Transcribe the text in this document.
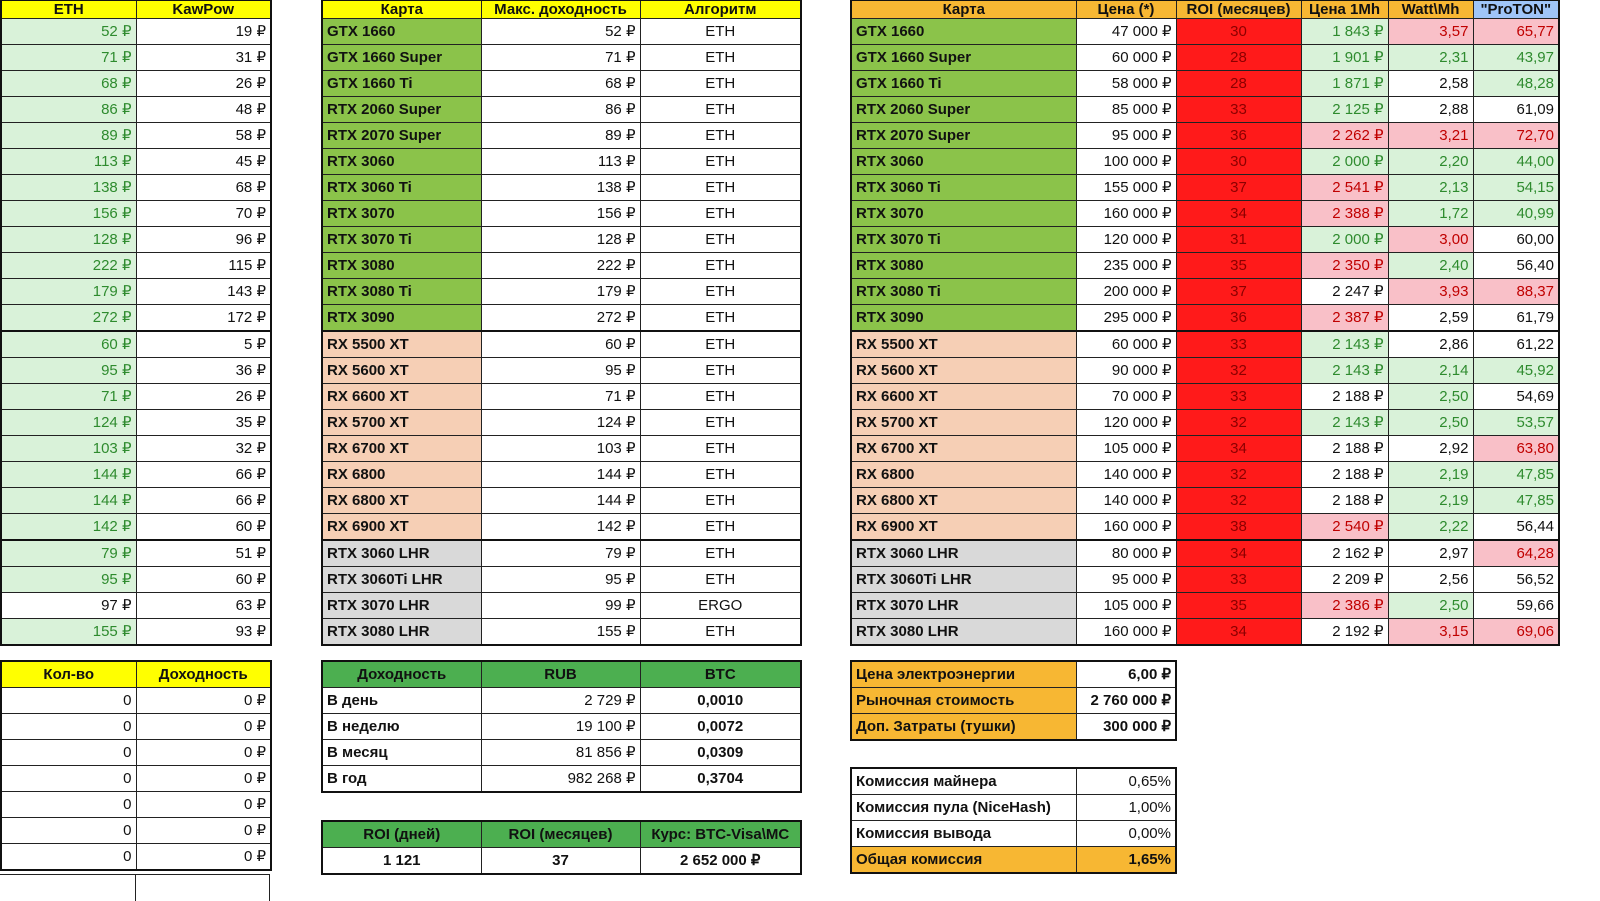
ETH	KawPow
52 ₽	19 ₽
71 ₽	31 ₽
68 ₽	26 ₽
86 ₽	48 ₽
89 ₽	58 ₽
113 ₽	45 ₽
138 ₽	68 ₽
156 ₽	70 ₽
128 ₽	96 ₽
222 ₽	115 ₽
179 ₽	143 ₽
272 ₽	172 ₽
60 ₽	5 ₽
95 ₽	36 ₽
71 ₽	26 ₽
124 ₽	35 ₽
103 ₽	32 ₽
144 ₽	66 ₽
144 ₽	66 ₽
142 ₽	60 ₽
79 ₽	51 ₽
95 ₽	60 ₽
97 ₽	63 ₽
155 ₽	93 ₽
Карта	Макс. доходность	Алгоритм
GTX 1660	52 ₽	ETH
GTX 1660 Super	71 ₽	ETH
GTX 1660 Ti	68 ₽	ETH
RTX 2060 Super	86 ₽	ETH
RTX 2070 Super	89 ₽	ETH
RTX 3060	113 ₽	ETH
RTX 3060 Ti	138 ₽	ETH
RTX 3070	156 ₽	ETH
RTX 3070 Ti	128 ₽	ETH
RTX 3080	222 ₽	ETH
RTX 3080 Ti	179 ₽	ETH
RTX 3090	272 ₽	ETH
RX 5500 XT	60 ₽	ETH
RX 5600 XT	95 ₽	ETH
RX 6600 XT	71 ₽	ETH
RX 5700 XT	124 ₽	ETH
RX 6700 XT	103 ₽	ETH
RX 6800	144 ₽	ETH
RX 6800 XT	144 ₽	ETH
RX 6900 XT	142 ₽	ETH
RTX 3060 LHR	79 ₽	ETH
RTX 3060Ti LHR	95 ₽	ETH
RTX 3070 LHR	99 ₽	ERGO
RTX 3080 LHR	155 ₽	ETH
Карта	Цена (*)	ROI (месяцев)	Цена 1Mh	Watt\Mh	"ProTON"
GTX 1660	47 000 ₽	30	1 843 ₽	3,57	65,77
GTX 1660 Super	60 000 ₽	28	1 901 ₽	2,31	43,97
GTX 1660 Ti	58 000 ₽	28	1 871 ₽	2,58	48,28
RTX 2060 Super	85 000 ₽	33	2 125 ₽	2,88	61,09
RTX 2070 Super	95 000 ₽	36	2 262 ₽	3,21	72,70
RTX 3060	100 000 ₽	30	2 000 ₽	2,20	44,00
RTX 3060 Ti	155 000 ₽	37	2 541 ₽	2,13	54,15
RTX 3070	160 000 ₽	34	2 388 ₽	1,72	40,99
RTX 3070 Ti	120 000 ₽	31	2 000 ₽	3,00	60,00
RTX 3080	235 000 ₽	35	2 350 ₽	2,40	56,40
RTX 3080 Ti	200 000 ₽	37	2 247 ₽	3,93	88,37
RTX 3090	295 000 ₽	36	2 387 ₽	2,59	61,79
RX 5500 XT	60 000 ₽	33	2 143 ₽	2,86	61,22
RX 5600 XT	90 000 ₽	32	2 143 ₽	2,14	45,92
RX 6600 XT	70 000 ₽	33	2 188 ₽	2,50	54,69
RX 5700 XT	120 000 ₽	32	2 143 ₽	2,50	53,57
RX 6700 XT	105 000 ₽	34	2 188 ₽	2,92	63,80
RX 6800	140 000 ₽	32	2 188 ₽	2,19	47,85
RX 6800 XT	140 000 ₽	32	2 188 ₽	2,19	47,85
RX 6900 XT	160 000 ₽	38	2 540 ₽	2,22	56,44
RTX 3060 LHR	80 000 ₽	34	2 162 ₽	2,97	64,28
RTX 3060Ti LHR	95 000 ₽	33	2 209 ₽	2,56	56,52
RTX 3070 LHR	105 000 ₽	35	2 386 ₽	2,50	59,66
RTX 3080 LHR	160 000 ₽	34	2 192 ₽	3,15	69,06
Кол-во	Доходность
0	0 ₽
0	0 ₽
0	0 ₽
0	0 ₽
0	0 ₽
0	0 ₽
0	0 ₽
Доходность	RUB	BTC
В день	2 729 ₽	0,0010
В неделю	19 100 ₽	0,0072
В месяц	81 856 ₽	0,0309
В год	982 268 ₽	0,3704
ROI (дней)	ROI (месяцев)	Курс: BTC-Visa\MC
1 121	37	2 652 000 ₽
Цена электроэнергии	6,00 ₽
Рыночная стоимость	2 760 000 ₽
Доп. Затраты (тушки)	300 000 ₽
Комиссия майнера	0,65%
Комиссия пула (NiceHash)	1,00%
Комиссия вывода	0,00%
Общая комиссия	1,65%
